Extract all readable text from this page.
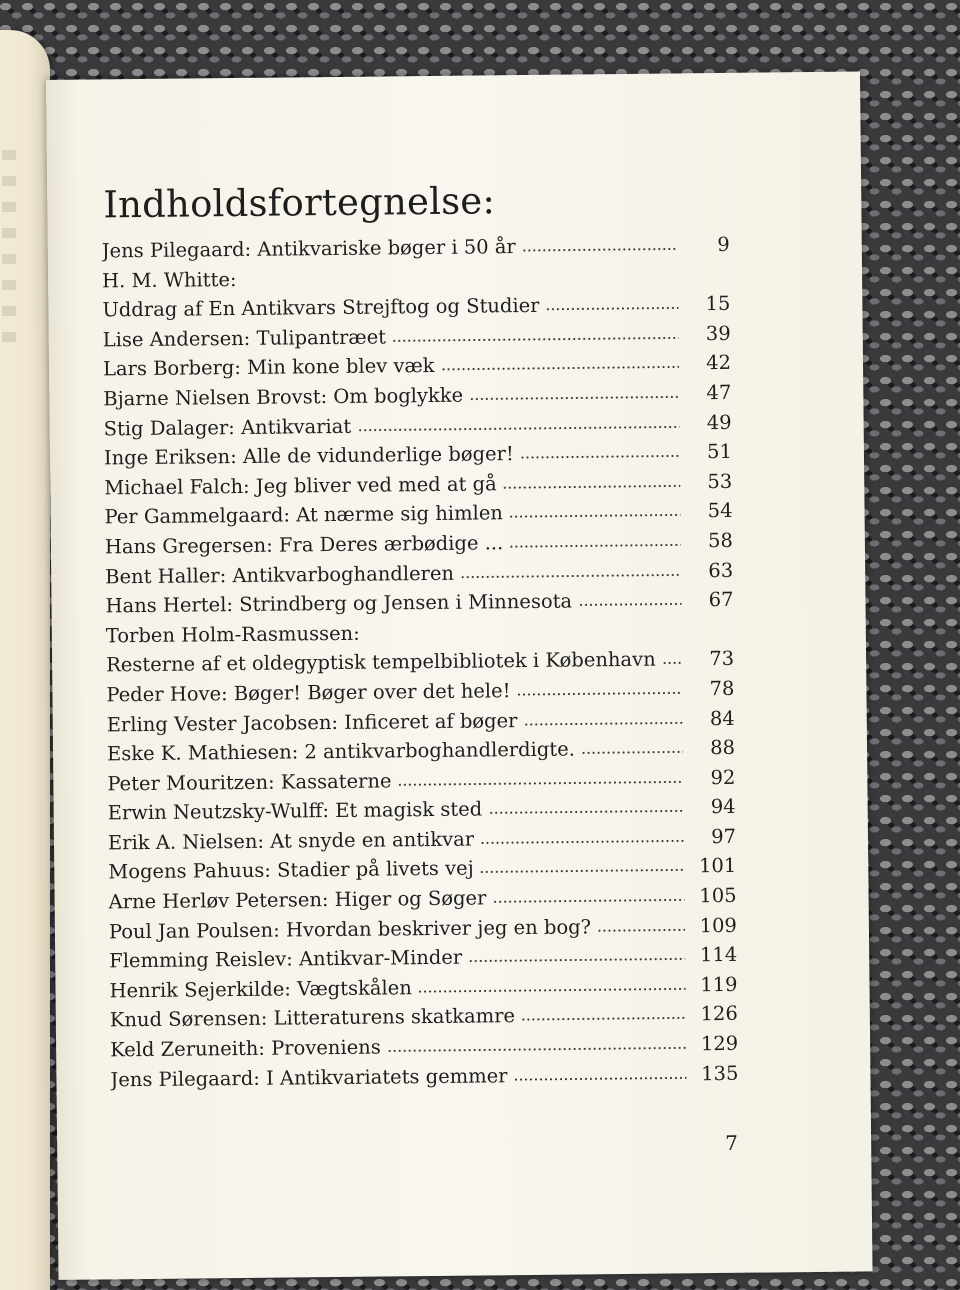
Indholdsfortegnelse:
Jens Pilegaard: Antikvariske bøger i 50 år	9
H. M. Whitte:
Uddrag af En Antikvars Strejftog og Studier	15
Lise Andersen: Tulipantræet	39
Lars Borberg: Min kone blev væk	42
Bjarne Nielsen Brovst: Om boglykke	47
Stig Dalager: Antikvariat	49
Inge Eriksen: Alle de vidunderlige bøger!	51
Michael Falch: Jeg bliver ved med at gå	53
Per Gammelgaard: At nærme sig himlen	54
Hans Gregersen: Fra Deres ærbødige ...	58
Bent Haller: Antikvarboghandleren	63
Hans Hertel: Strindberg og Jensen i Minnesota	67
Torben Holm-Rasmussen:
Resterne af et oldegyptisk tempelbibliotek i København	73
Peder Hove: Bøger! Bøger over det hele!	78
Erling Vester Jacobsen: Inficeret af bøger	84
Eske K. Mathiesen: 2 antikvarboghandlerdigte.	88
Peter Mouritzen: Kassaterne	92
Erwin Neutzsky-Wulff: Et magisk sted	94
Erik A. Nielsen: At snyde en antikvar	97
Mogens Pahuus: Stadier på livets vej	101
Arne Herløv Petersen: Higer og Søger	105
Poul Jan Poulsen: Hvordan beskriver jeg en bog?	109
Flemming Reislev: Antikvar-Minder	114
Henrik Sejerkilde: Vægtskålen	119
Knud Sørensen: Litteraturens skatkamre	126
Keld Zeruneith: Proveniens	129
Jens Pilegaard: I Antikvariatets gemmer	135
7
